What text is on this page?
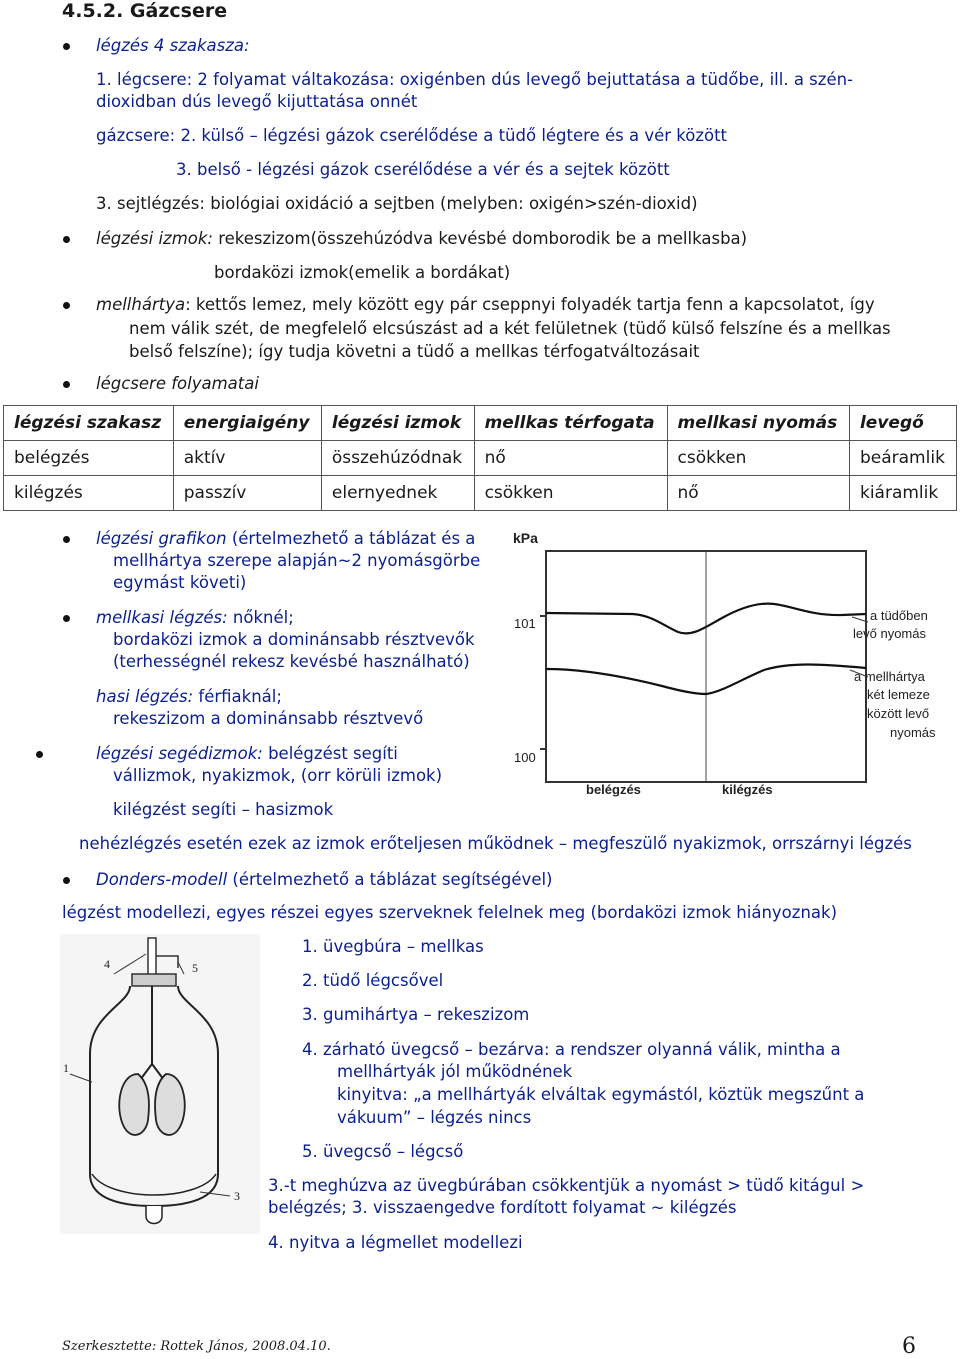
4.5.2. Gázcsere
légzés 4 szakasza:
1. légcsere: 2 folyamat váltakozása: oxigénben dús levegő bejuttatása a tüdőbe, ill. a szén-
dioxidban dús levegő kijuttatása onnét
gázcsere: 2. külső – légzési gázok cserélődése a tüdő légtere és a vér között
3. belső - légzési gázok cserélődése a vér és a sejtek között
3. sejtlégzés: biológiai oxidáció a sejtben (melyben: oxigén>szén-dioxid)
légzési izmok: rekeszizom(összehúzódva kevésbé domborodik be a mellkasba)
bordaközi izmok(emelik a bordákat)
mellhártya: kettős lemez, mely között egy pár cseppnyi folyadék tartja fenn a kapcsolatot, így
nem válik szét, de megfelelő elcsúszást ad a két felületnek (tüdő külső felszíne és a mellkas
belső felszíne); így tudja követni a tüdő a mellkas térfogatváltozásait
légcsere folyamatai
légzési szakasz	energiaigény	légzési izmok	mellkas térfogata	mellkasi nyomás	levegő
belégzés	aktív	összehúzódnak	nő	csökken	beáramlik
kilégzés	passzív	elernyednek	csökken	nő	kiáramlik
légzési grafikon (értelmezhető a táblázat és a
mellhártya szerepe alapján~2 nyomásgörbe
egymást követi)
mellkasi légzés: nőknél;
bordaközi izmok a dominánsabb résztvevők
(terhességnél rekesz kevésbé használható)
hasi légzés: férfiaknál;
rekeszizom a dominánsabb résztvevő
légzési segédizmok: belégzést segíti
vállizmok, nyakizmok, (orr körüli izmok)
kilégzést segíti – hasizmok
kPa
101
100
a tüdőben
levő nyomás
a mellhártya
két lemeze
között levő
nyomás
belégzés	kilégzés
nehézlégzés esetén ezek az izmok erőteljesen működnek – megfeszülő nyakizmok, orrszárnyi légzés
Donders-modell (értelmezhető a táblázat segítségével)
légzést modellezi, egyes részei egyes szerveknek felelnek meg (bordaközi izmok hiányoznak)
4	5
1
3
1. üvegbúra – mellkas
2. tüdő légcsővel
3. gumihártya – rekeszizom
4. zárható üvegcső – bezárva: a rendszer olyanná válik, mintha a
mellhártyák jól működnének
kinyitva: „a mellhártyák elváltak egymástól, köztük megszűnt a
vákuum” – légzés nincs
5. üvegcső – légcső
3.-t meghúzva az üvegbúrában csökkentjük a nyomást > tüdő kitágul >
belégzés; 3. visszaengedve fordított folyamat ~ kilégzés
4. nyitva a légmellet modellezi
Szerkesztette: Rottek János, 2008.04.10.	6
